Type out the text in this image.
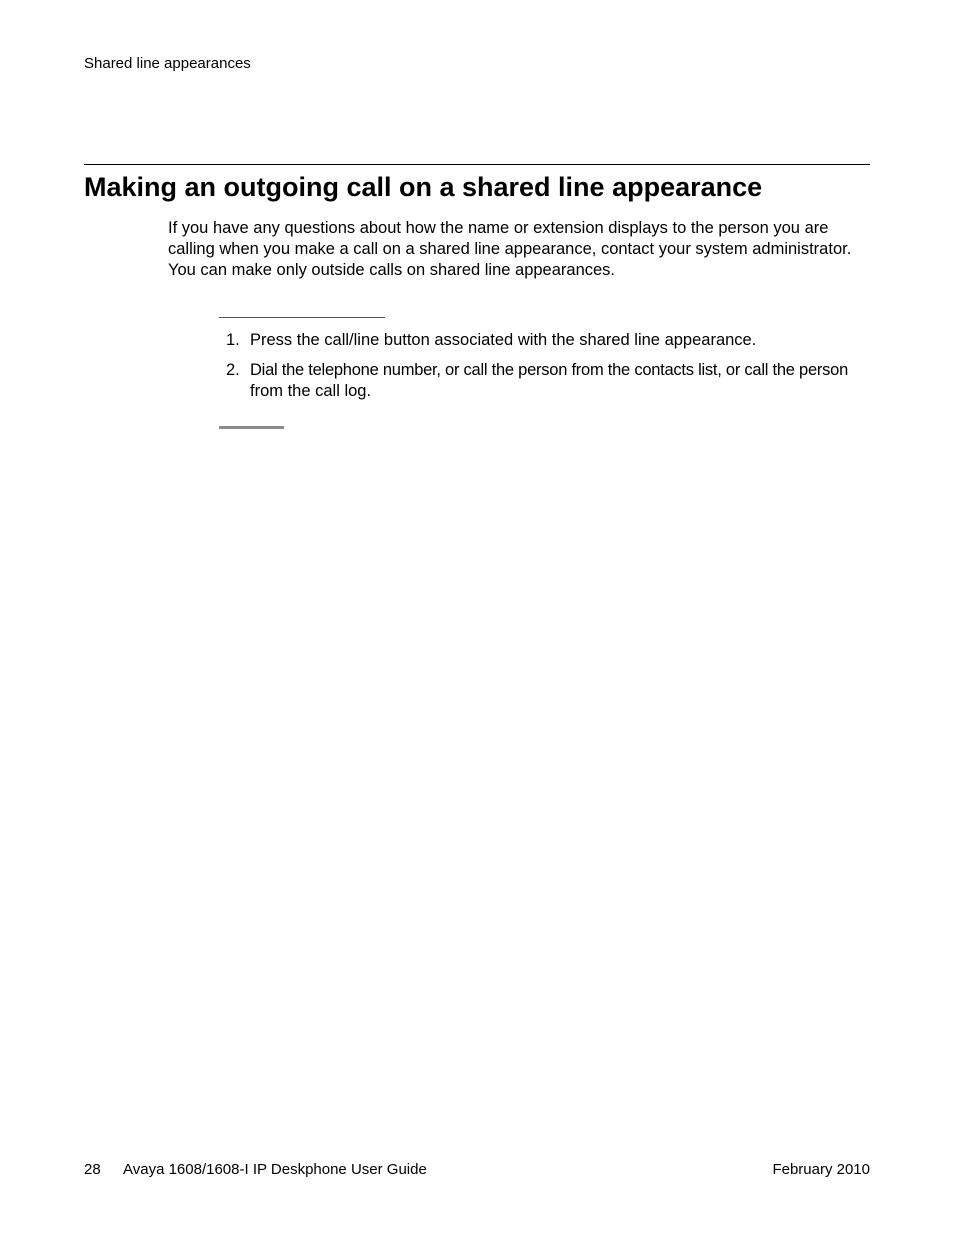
Shared line appearances
Making an outgoing call on a shared line appearance

If you have any questions about how the name or extension displays to the person you are
calling when you make a call on a shared line appearance, contact your system administrator.
You can make only outside calls on shared line appearances.

1. Press the call/line button associated with the shared line appearance.
2. Dial the telephone number, or call the person from the contacts list, or call the person
from the call log.
28 Avaya 1608/1608-I IP Deskphone User Guide	February 2010
